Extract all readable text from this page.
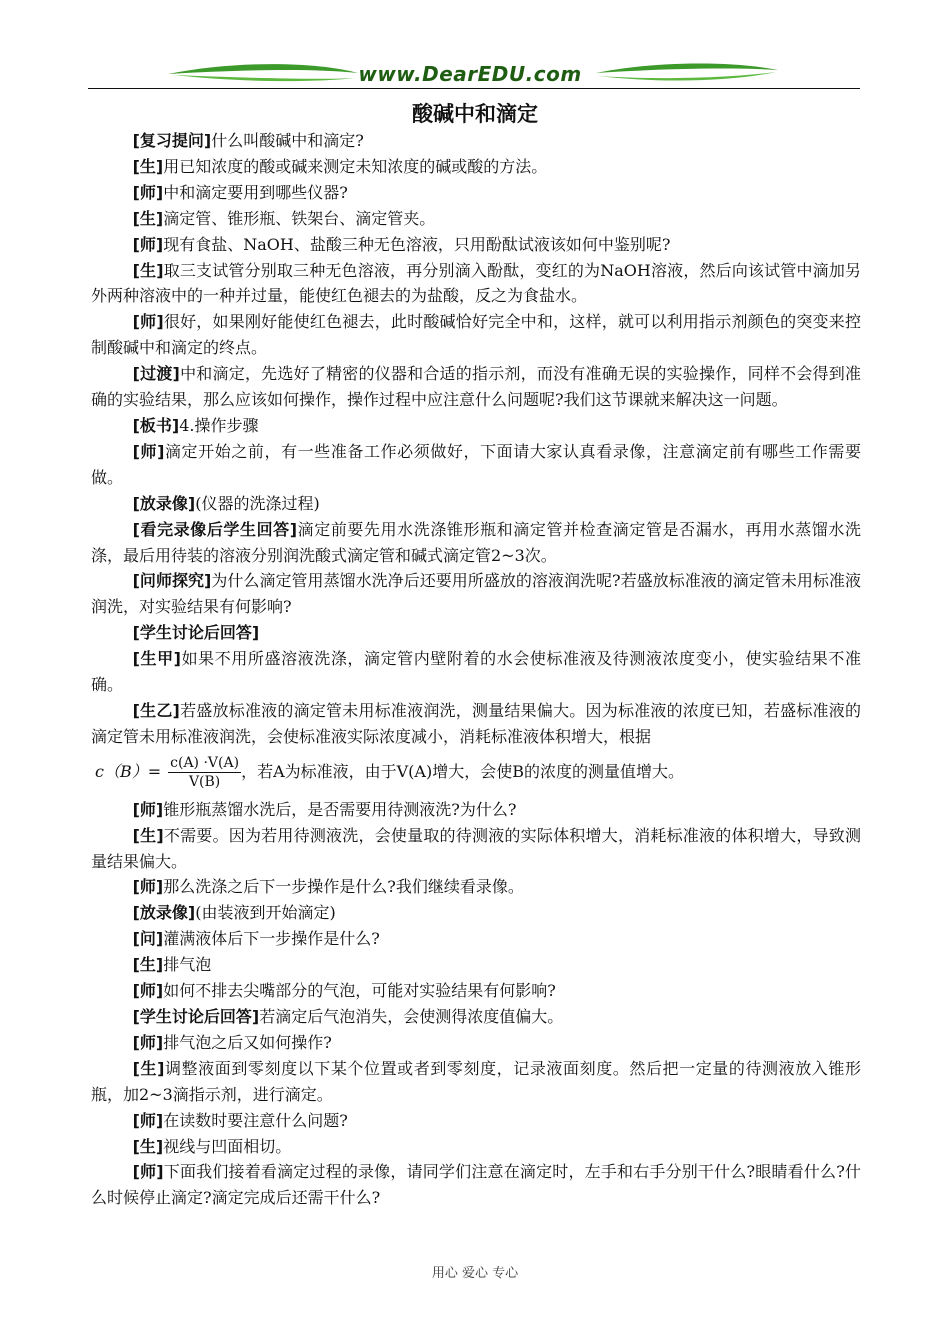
www.DearEDU.com
酸碱中和滴定

[复习提问]什么叫酸碱中和滴定?

[生]用已知浓度的酸或碱来测定未知浓度的碱或酸的方法。

[师]中和滴定要用到哪些仪器?

[生]滴定管、锥形瓶、铁架台、滴定管夹。

[师]现有食盐、NaOH、盐酸三种无色溶液，只用酚酞试液该如何中鉴别呢?

[生]取三支试管分别取三种无色溶液，再分别滴入酚酞，变红的为NaOH溶液，然后向该试管中滴加另外两种溶液中的一种并过量，能使红色褪去的为盐酸，反之为食盐水。

[师]很好，如果刚好能使红色褪去，此时酸碱恰好完全中和，这样，就可以利用指示剂颜色的突变来控制酸碱中和滴定的终点。

[过渡]中和滴定，先选好了精密的仪器和合适的指示剂，而没有准确无误的实验操作，同样不会得到准确的实验结果，那么应该如何操作，操作过程中应注意什么问题呢?我们这节课就来解决这一问题。

[板书]4.操作步骤

[师]滴定开始之前，有一些准备工作必须做好，下面请大家认真看录像，注意滴定前有哪些工作需要做。

[放录像](仪器的洗涤过程)

[看完录像后学生回答]滴定前要先用水洗涤锥形瓶和滴定管并检查滴定管是否漏水，再用水蒸馏水洗涤，最后用待装的溶液分别润洗酸式滴定管和碱式滴定管2~3次。

[问师探究]为什么滴定管用蒸馏水洗净后还要用所盛放的溶液润洗呢?若盛放标准液的滴定管未用标准液润洗，对实验结果有何影响?

[学生讨论后回答]

[生甲]如果不用所盛溶液洗涤，滴定管内壁附着的水会使标准液及待测液浓度变小，使实验结果不准确。

[生乙]若盛放标准液的滴定管未用标准液润洗，测量结果偏大。因为标准液的浓度已知，若盛标准液的滴定管未用标准液润洗，会使标准液实际浓度减小，消耗标准液体积增大，根据

$c(B)= \frac{c(A) \cdot V(A)}{V(B)}$ ，若A为标准液，由于V(A)增大，会使B的浓度的测量值增大。

[师]锥形瓶蒸馏水洗后，是否需要用待测液洗?为什么?

[生]不需要。因为若用待测液洗，会使量取的待测液的实际体积增大，消耗标准液的体积增大，导致测量结果偏大。

[师]那么洗涤之后下一步操作是什么?我们继续看录像。

[放录像](由装液到开始滴定)

[问]灌满液体后下一步操作是什么?

[生]排气泡

[师]如何不排去尖嘴部分的气泡，可能对实验结果有何影响?

[学生讨论后回答]若滴定后气泡消失，会使测得浓度值偏大。

[师]排气泡之后又如何操作?

[生]调整液面到零刻度以下某个位置或者到零刻度，记录液面刻度。然后把一定量的待测液放入锥形瓶，加2~3滴指示剂，进行滴定。

[师]在读数时要注意什么问题?

[生]视线与凹面相切。

[师]下面我们接着看滴定过程的录像，请同学们注意在滴定时，左手和右手分别干什么?眼睛看什么?什么时候停止滴定?滴定完成后还需干什么?

用心 爱心 专心
